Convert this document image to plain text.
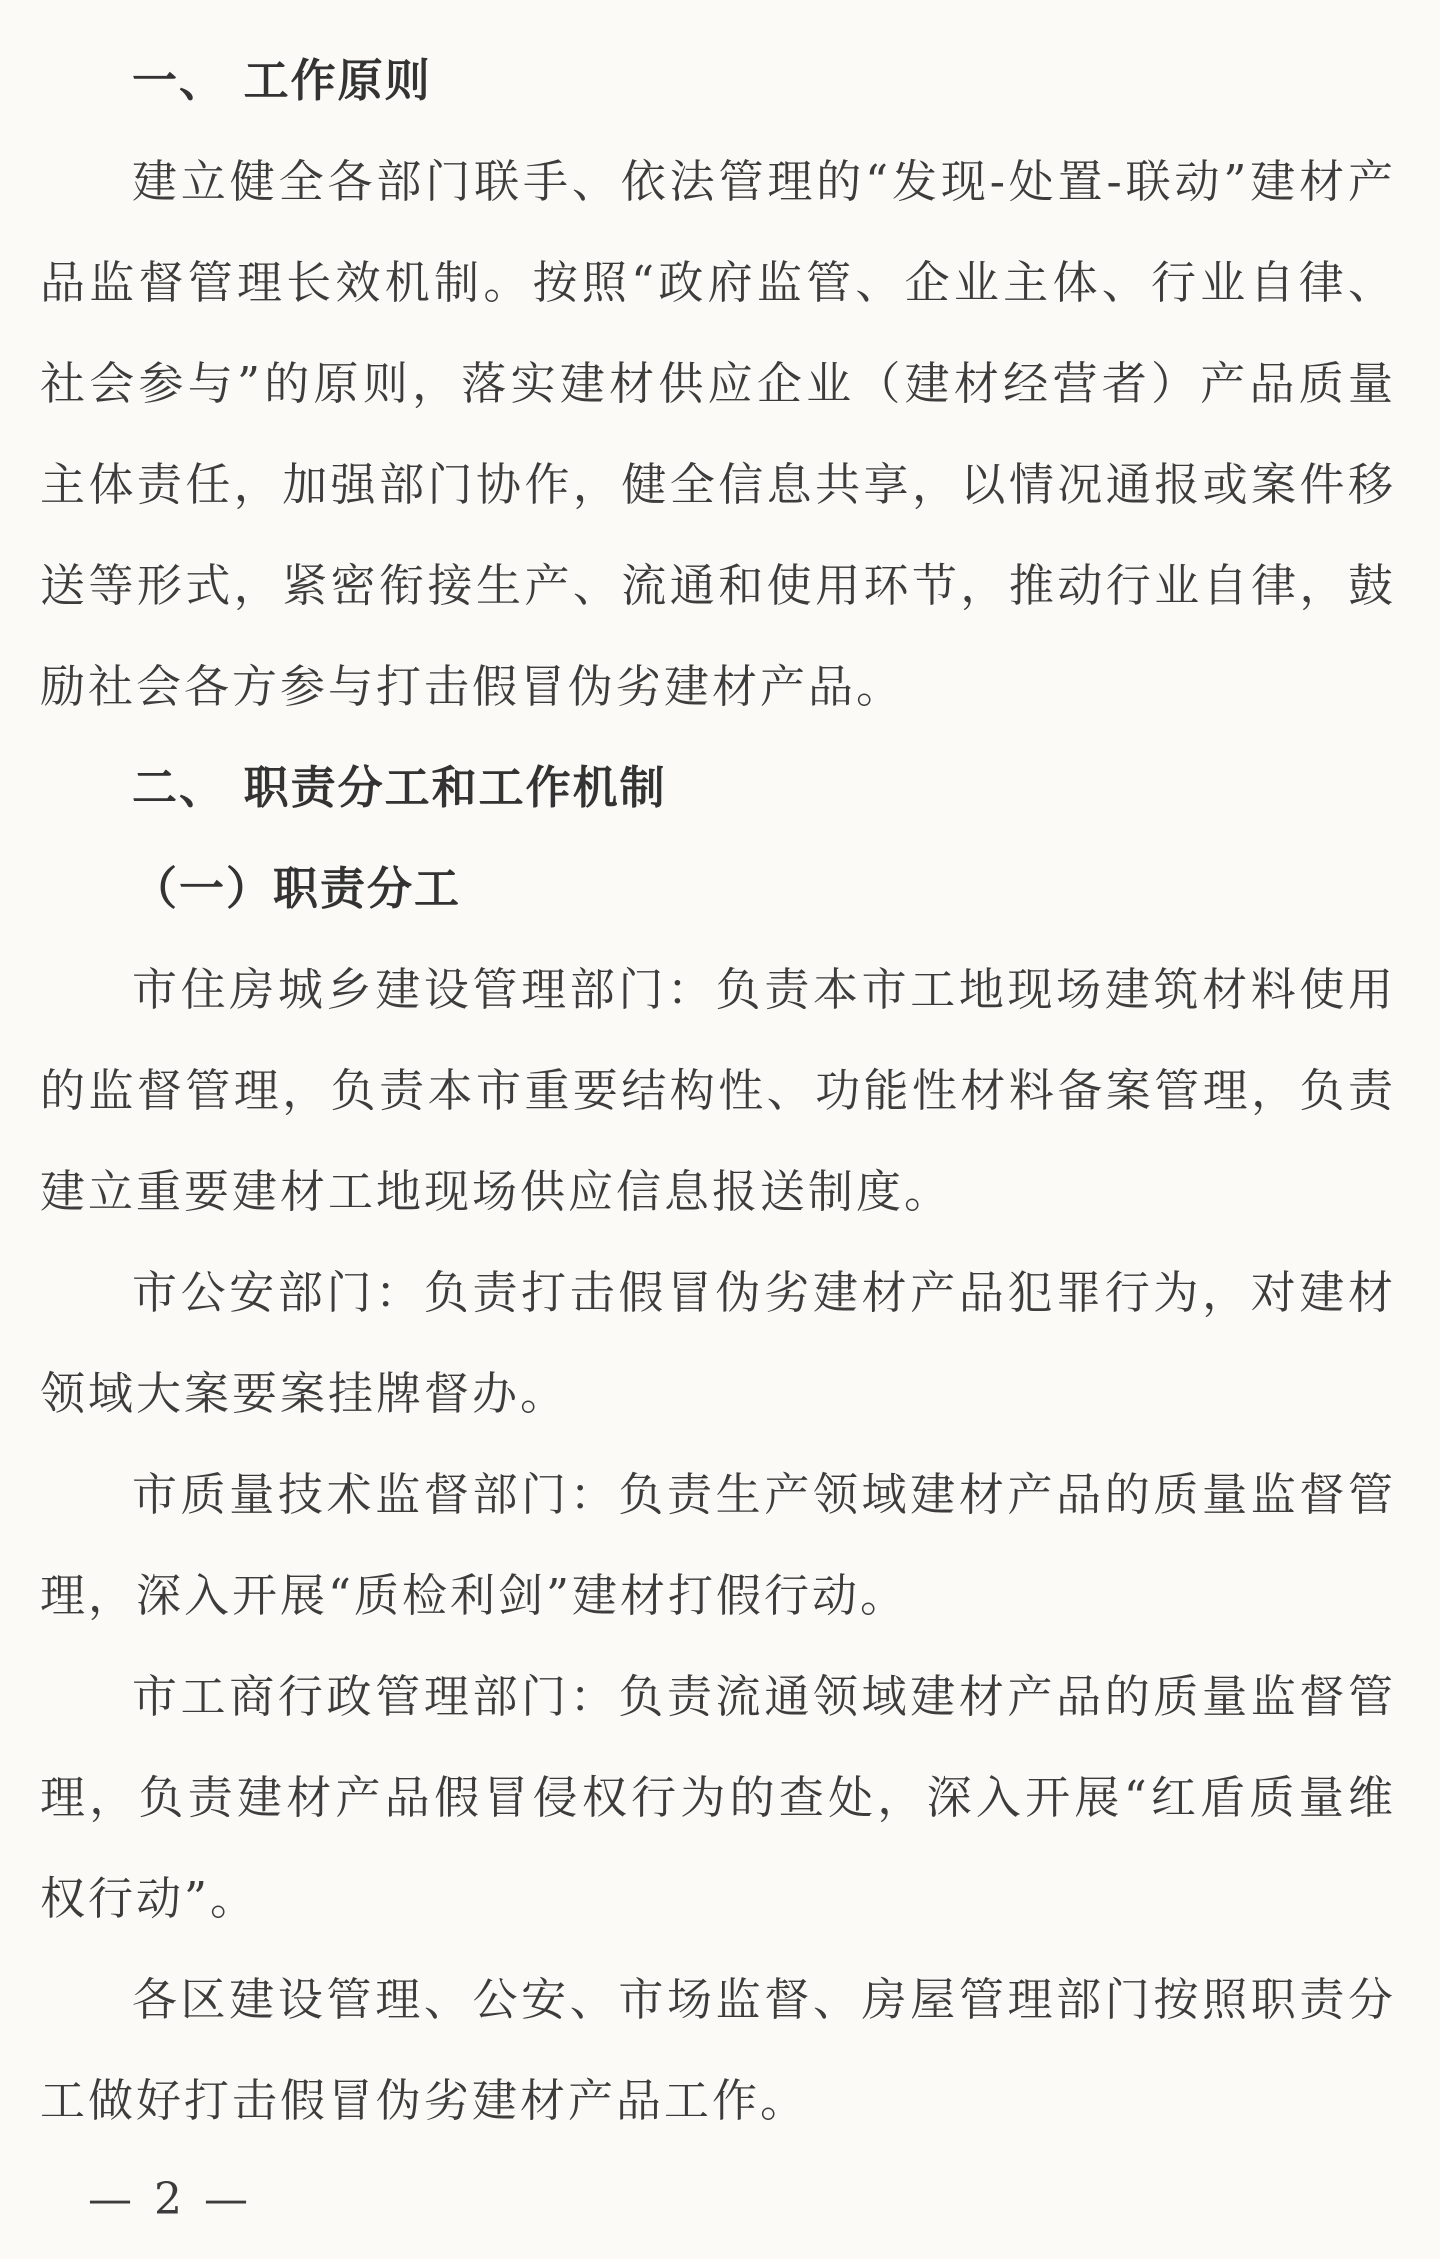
一、 工作原则

建立健全各部门联手、依法管理的“发现-处置-联动”建材产品监督管理长效机制。按照“政府监管、企业主体、行业自律、社会参与”的原则，落实建材供应企业（建材经营者）产品质量主体责任，加强部门协作，健全信息共享，以情况通报或案件移送等形式，紧密衔接生产、流通和使用环节，推动行业自律，鼓励社会各方参与打击假冒伪劣建材产品。

二、 职责分工和工作机制

（一）职责分工

市住房城乡建设管理部门：负责本市工地现场建筑材料使用的监督管理，负责本市重要结构性、功能性材料备案管理，负责建立重要建材工地现场供应信息报送制度。

市公安部门：负责打击假冒伪劣建材产品犯罪行为，对建材领域大案要案挂牌督办。

市质量技术监督部门：负责生产领域建材产品的质量监督管理，深入开展“质检利剑”建材打假行动。

市工商行政管理部门：负责流通领域建材产品的质量监督管理，负责建材产品假冒侵权行为的查处，深入开展“红盾质量维权行动”。

各区建设管理、公安、市场监督、房屋管理部门按照职责分工做好打击假冒伪劣建材产品工作。

— 2 —
